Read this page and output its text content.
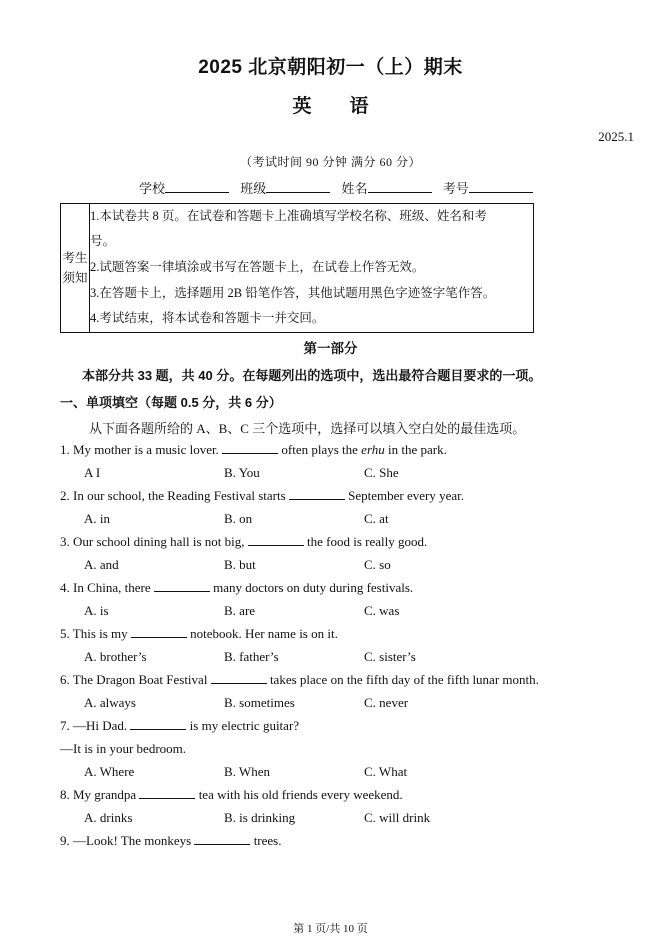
2025 北京朝阳初一（上）期末
英 语
2025.1
（考试时间 90 分钟 满分 60 分）
学校	班级	姓名	考号
考生
须知
1.本试卷共 8 页。在试卷和答题卡上准确填写学校名称、班级、姓名和考
号。
2.试题答案一律填涂或书写在答题卡上，在试卷上作答无效。
3.在答题卡上，选择题用 2B 铅笔作答，其他试题用黑色字迹签字笔作答。
4.考试结束，将本试卷和答题卡一并交回。
第一部分
本部分共 33 题，共 40 分。在每题列出的选项中，选出最符合题目要求的一项。
一、单项填空（每题 0.5 分，共 6 分）
从下面各题所给的 A、B、C 三个选项中，选择可以填入空白处的最佳选项。
1. My mother is a music lover.	often plays the erhu in the park.
A I	B. You	C. She
2. In our school, the Reading Festival starts	September every year.
A. in	B. on	C. at
3. Our school dining hall is not big,	the food is really good.
A. and	B. but	C. so
4. In China, there	many doctors on duty during festivals.
A. is	B. are	C. was
5. This is my	notebook. Her name is on it.
A. brother’s	B. father’s	C. sister’s
6. The Dragon Boat Festival	takes place on the fifth day of the fifth lunar month.
A. always	B. sometimes	C. never
7. —Hi Dad.	is my electric guitar?
—It is in your bedroom.
A. Where	B. When	C. What
8. My grandpa	tea with his old friends every weekend.
A. drinks	B. is drinking	C. will drink
9. —Look! The monkeys	trees.
第 1 页/共 10 页
